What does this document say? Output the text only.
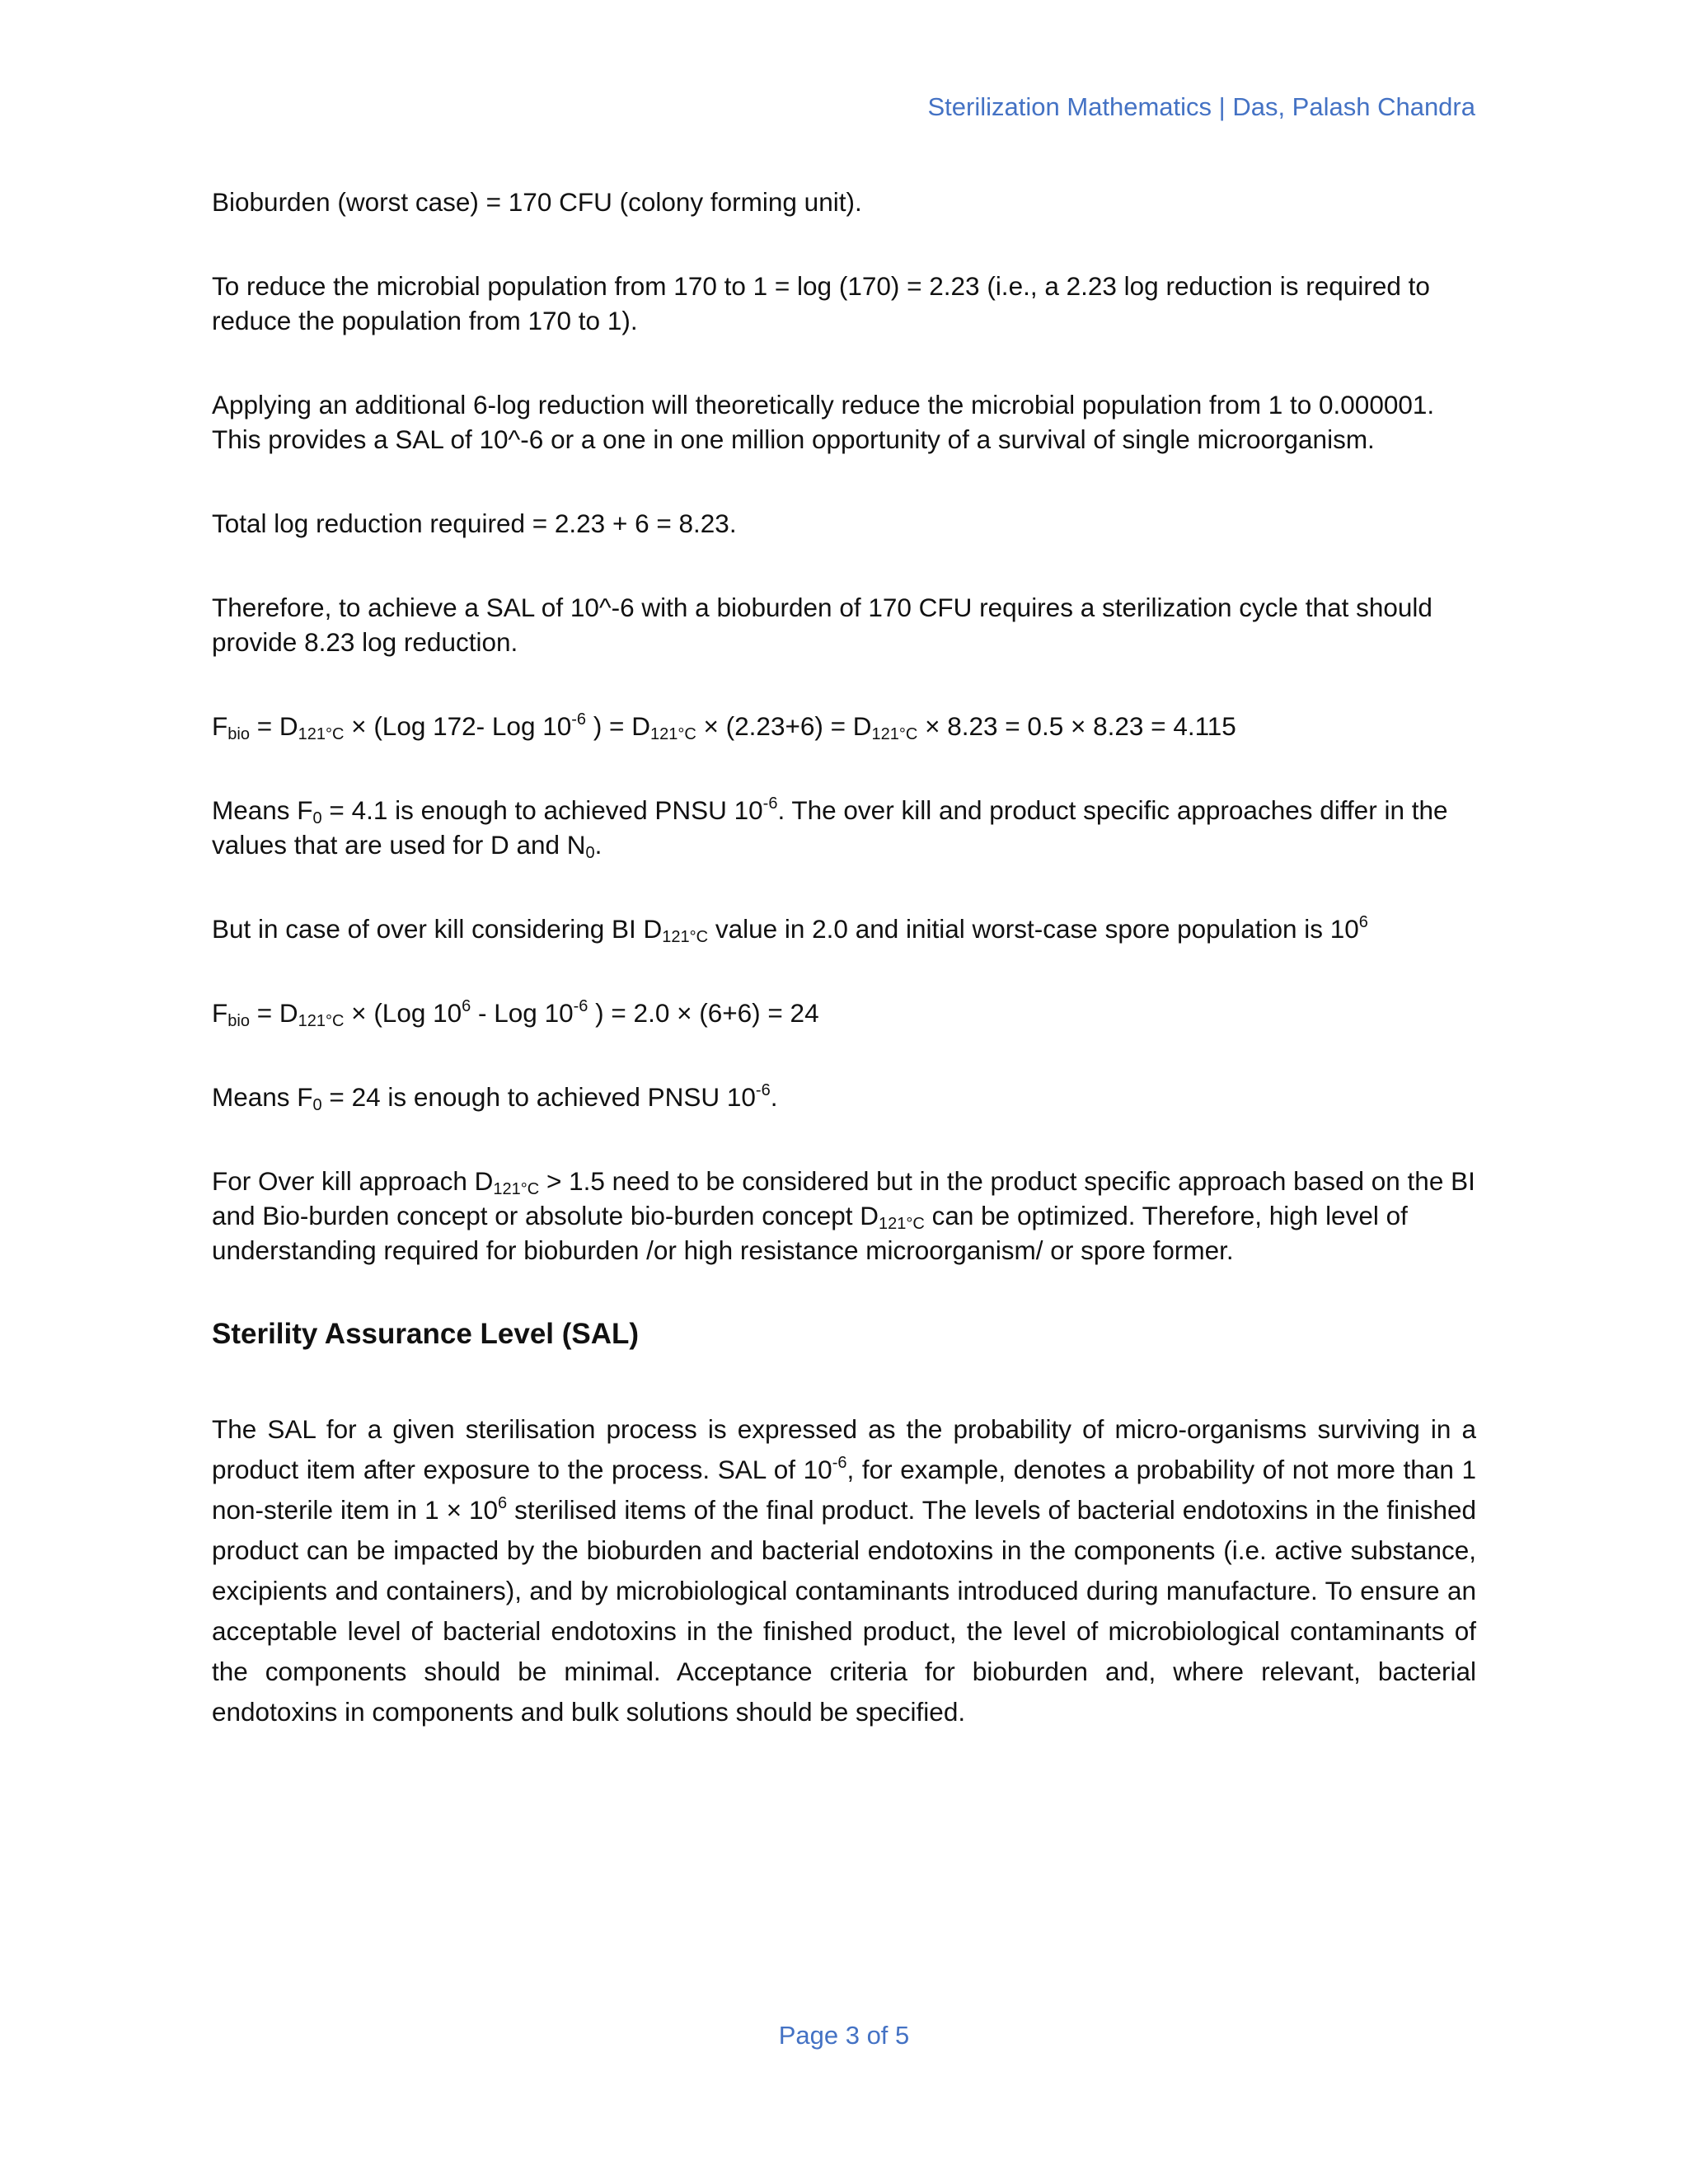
Sterilization Mathematics | Das, Palash Chandra

Bioburden (worst case) = 170 CFU (colony forming unit).

To reduce the microbial population from 170 to 1 = log (170) = 2.23 (i.e., a 2.23 log reduction is required to reduce the population from 170 to 1).

Applying an additional 6-log reduction will theoretically reduce the microbial population from 1 to 0.000001. This provides a SAL of 10^-6 or a one in one million opportunity of a survival of single microorganism.

Total log reduction required = 2.23 + 6 = 8.23.

Therefore, to achieve a SAL of 10^-6 with a bioburden of 170 CFU requires a sterilization cycle that should provide 8.23 log reduction.

$F_{bio} = D_{121^\circ C} \times (Log$ 172- Log $10^{-6}$ ) = $D_{121^\circ C} \times (2.23+6) = D_{121^\circ C} \times 8.23 = 0.5 \times 8.23 = 4.115$

Means $F_0 = 4.1$ is enough to achieved PNSU $10^{-6}$. The over kill and product specific approaches differ in the values that are used for D and $N_0$.

But in case of over kill considering BI $D_{121^\circ C}$ value in 2.0 and initial worst-case spore population is $10^6$

$F_{bio} = D_{121^\circ C} \times (Log$ $10^6$ - Log $10^{-6}$ ) = 2.0 × (6+6) = 24

Means $F_0 = 24$ is enough to achieved PNSU $10^{-6}$.

For Over kill approach $D_{121^\circ C} > 1.5$ need to be considered but in the product specific approach based on the BI and Bio-burden concept or absolute bio-burden concept $D_{121^\circ C}$ can be optimized. Therefore, high level of understanding required for bioburden /or high resistance microorganism/ or spore former.

Sterility Assurance Level (SAL)

The SAL for a given sterilisation process is expressed as the probability of micro-organisms surviving in a product item after exposure to the process. SAL of $10^{-6}$, for example, denotes a probability of not more than 1 non-sterile item in $1 \times 10^6$ sterilised items of the final product. The levels of bacterial endotoxins in the finished product can be impacted by the bioburden and bacterial endotoxins in the components (i.e. active substance, excipients and containers), and by microbiological contaminants introduced during manufacture. To ensure an acceptable level of bacterial endotoxins in the finished product, the level of microbiological contaminants of the components should be minimal. Acceptance criteria for bioburden and, where relevant, bacterial endotoxins in components and bulk solutions should be specified.

Page 3 of 5
